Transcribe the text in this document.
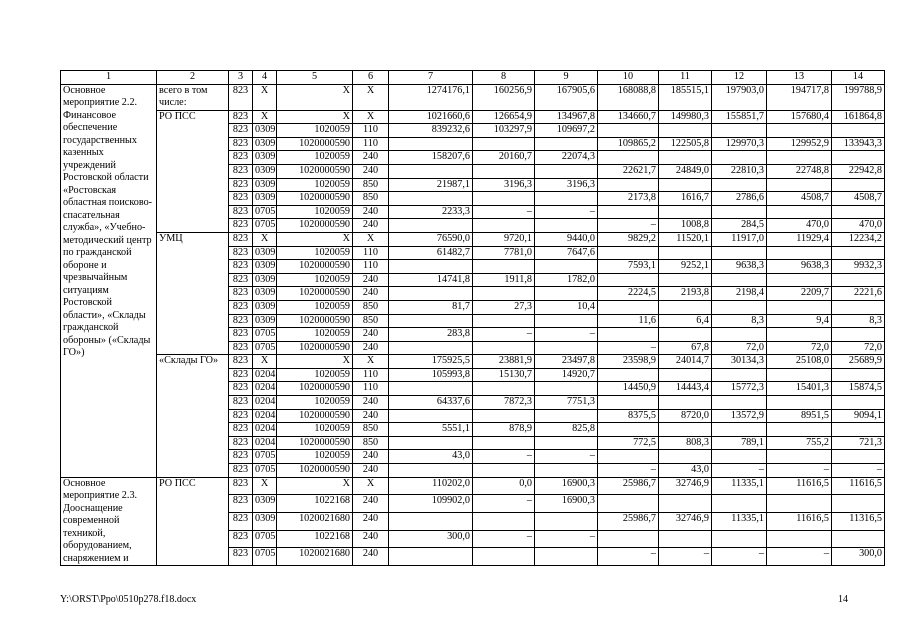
1	2	3	4	5	6	7	8	9	10	11	12	13	14
Основное мероприятие 2.2. Финансовое обеспечение государственных казенных учреждений Ростовской области «Ростовская областная поисково-спасательная служба», «Учебно-методический центр по гражданской обороне и чрезвычайным ситуациям Ростовской области», «Склады гражданской обороны» («Склады ГО»)	всего в том числе:	823	X	X	X	1274176,1	160256,9	167905,6	168088,8	185515,1	197903,0	194717,8	199788,9
	РО ПСС	823	X	X	X	1021660,6	126654,9	134967,8	134660,7	149980,3	155851,7	157680,4	161864,8
		823	0309	1020059	110	839232,6	103297,9	109697,2					
		823	0309	1020000590	110				109865,2	122505,8	129970,3	129952,9	133943,3
		823	0309	1020059	240	158207,6	20160,7	22074,3					
		823	0309	1020000590	240				22621,7	24849,0	22810,3	22748,8	22942,8
		823	0309	1020059	850	21987,1	3196,3	3196,3					
		823	0309	1020000590	850				2173,8	1616,7	2786,6	4508,7	4508,7
		823	0705	1020059	240	2233,3	–	–					
		823	0705	1020000590	240				–	1008,8	284,5	470,0	470,0
	УМЦ	823	X	X	X	76590,0	9720,1	9440,0	9829,2	11520,1	11917,0	11929,4	12234,2
		823	0309	1020059	110	61482,7	7781,0	7647,6					
		823	0309	1020000590	110				7593,1	9252,1	9638,3	9638,3	9932,3
		823	0309	1020059	240	14741,8	1911,8	1782,0					
		823	0309	1020000590	240				2224,5	2193,8	2198,4	2209,7	2221,6
		823	0309	1020059	850	81,7	27,3	10,4					
		823	0309	1020000590	850				11,6	6,4	8,3	9,4	8,3
		823	0705	1020059	240	283,8	–	–					
		823	0705	1020000590	240				–	67,8	72,0	72,0	72,0
	«Склады ГО»	823	X	X	X	175925,5	23881,9	23497,8	23598,9	24014,7	30134,3	25108,0	25689,9
		823	0204	1020059	110	105993,8	15130,7	14920,7					
		823	0204	1020000590	110				14450,9	14443,4	15772,3	15401,3	15874,5
		823	0204	1020059	240	64337,6	7872,3	7751,3					
		823	0204	1020000590	240				8375,5	8720,0	13572,9	8951,5	9094,1
		823	0204	1020059	850	5551,1	878,9	825,8					
		823	0204	1020000590	850				772,5	808,3	789,1	755,2	721,3
		823	0705	1020059	240	43,0	–	–					
		823	0705	1020000590	240				–	43,0	–	–	–
Основное мероприятие 2.3. Дооснащение современной техникой, оборудованием, снаряжением и	РО ПСС	823	X	X	X	110202,0	0,0	16900,3	25986,7	32746,9	11335,1	11616,5	11616,5
		823	0309	1022168	240	109902,0	–	16900,3					
		823	0309	1020021680	240				25986,7	32746,9	11335,1	11616,5	11316,5
		823	0705	1022168	240	300,0	–	–					
		823	0705	1020021680	240				–	–	–	–	300,0
Y:\ORST\Ppo\0510p278.f18.docx	14
